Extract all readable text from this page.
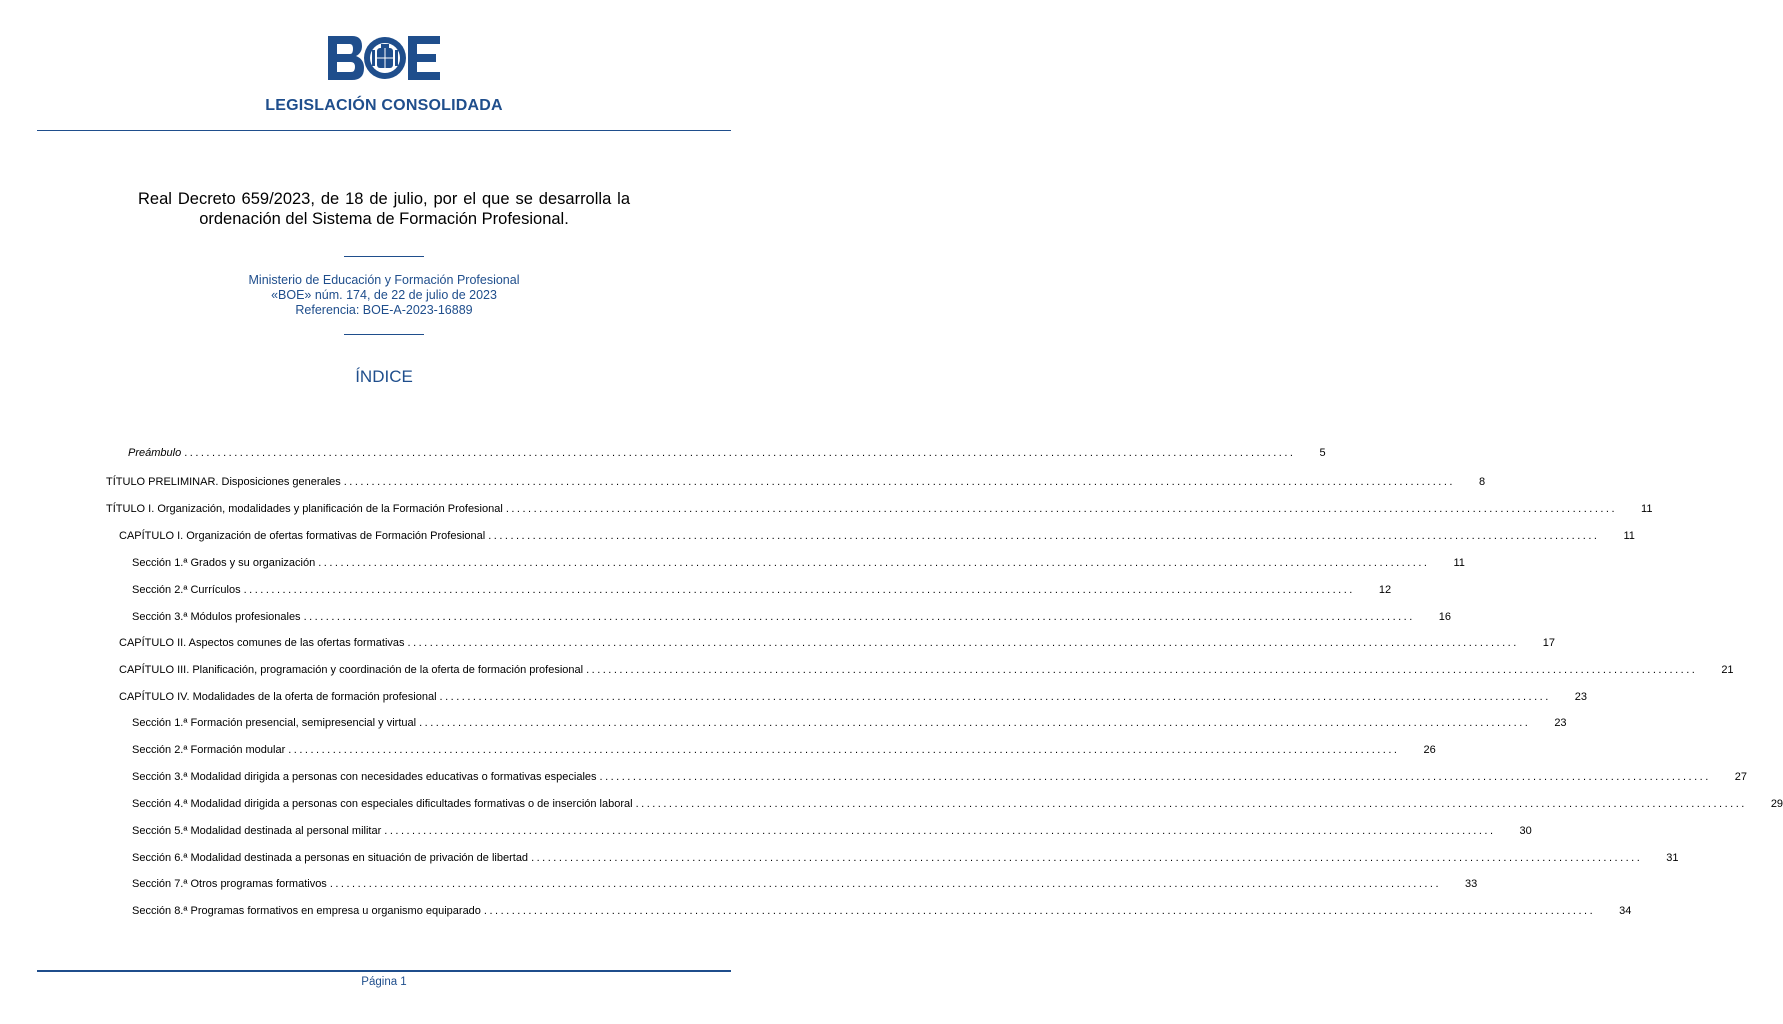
LEGISLACIÓN CONSOLIDADA
Real Decreto 659/2023, de 18 de julio, por el que se desarrolla la ordenación del Sistema de Formación Profesional.
Ministerio de Educación y Formación Profesional
«BOE» núm. 174, de 22 de julio de 2023
Referencia: BOE-A-2023-16889
ÍNDICE
Preámbulo ........................................................................................................................................................................................................ 5
TÍTULO PRELIMINAR. Disposiciones generales ........................................................................................................................................................................................................ 8
TÍTULO I. Organización, modalidades y planificación de la Formación Profesional ........................................................................................................................................................................................................ 11
CAPÍTULO I. Organización de ofertas formativas de Formación Profesional ........................................................................................................................................................................................................ 11
Sección 1.ª Grados y su organización ........................................................................................................................................................................................................ 11
Sección 2.ª Currículos ........................................................................................................................................................................................................ 12
Sección 3.ª Módulos profesionales ........................................................................................................................................................................................................ 16
CAPÍTULO II. Aspectos comunes de las ofertas formativas ........................................................................................................................................................................................................ 17
CAPÍTULO III. Planificación, programación y coordinación de la oferta de formación profesional ........................................................................................................................................................................................................ 21
CAPÍTULO IV. Modalidades de la oferta de formación profesional ........................................................................................................................................................................................................ 23
Sección 1.ª Formación presencial, semipresencial y virtual ........................................................................................................................................................................................................ 23
Sección 2.ª Formación modular ........................................................................................................................................................................................................ 26
Sección 3.ª Modalidad dirigida a personas con necesidades educativas o formativas especiales ........................................................................................................................................................................................................ 27
Sección 4.ª Modalidad dirigida a personas con especiales dificultades formativas o de inserción laboral ........................................................................................................................................................................................................ 29
Sección 5.ª Modalidad destinada al personal militar ........................................................................................................................................................................................................ 30
Sección 6.ª Modalidad destinada a personas en situación de privación de libertad ........................................................................................................................................................................................................ 31
Sección 7.ª Otros programas formativos ........................................................................................................................................................................................................ 33
Sección 8.ª Programas formativos en empresa u organismo equiparado ........................................................................................................................................................................................................ 34
Página 1
